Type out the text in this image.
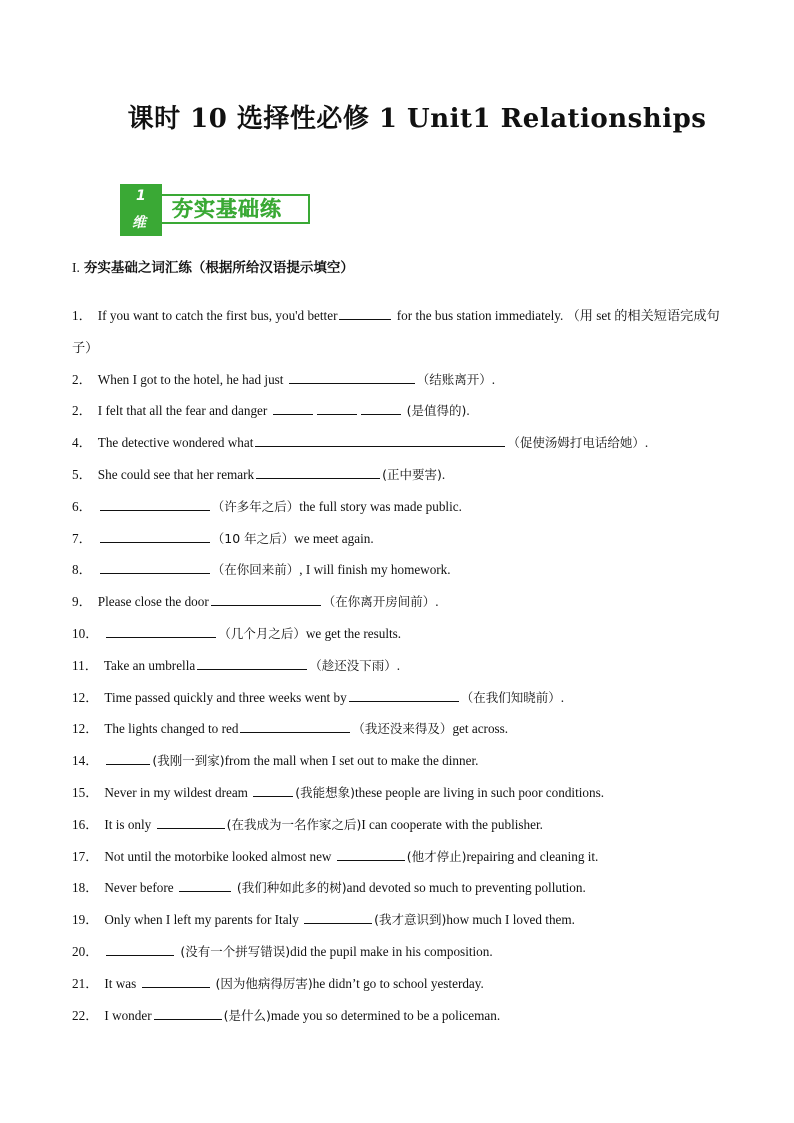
课时 10 选择性必修 1 Unit1 Relationships
1
维
夯实基础练
I. 夯实基础之词汇练（根据所给汉语提示填空）
1． If you want to catch the first bus, you'd better	for the bus station immediately. （用 set 的相关短语完成句子）
2． When I got to the hotel, he had just	（结账离开）.
2． I felt that all the fear and danger	(是值得的).
4． The detective wondered what	（促使汤姆打电话给她）.
5． She could see that her remark	(正中要害).
6．	（许多年之后）the full story was made public.
7．	（10 年之后）we meet again.
8．	（在你回来前）, I will finish my homework.
9． Please close the door	（在你离开房间前）.
10．	（几个月之后）we get the results.
11． Take an umbrella	（趁还没下雨）.
12． Time passed quickly and three weeks went by	（在我们知晓前）.
12． The lights changed to red	（我还没来得及）get across.
14．	(我刚一到家)from the mall when I set out to make the dinner.
15． Never in my wildest dream	(我能想象)these people are living in such poor conditions.
16． It is only	(在我成为一名作家之后)I can cooperate with the publisher.
17． Not until the motorbike looked almost new	(他才停止)repairing and cleaning it.
18． Never before	(我们种如此多的树)and devoted so much to preventing pollution.
19． Only when I left my parents for Italy	(我才意识到)how much I loved them.
20．	(没有一个拼写错误)did the pupil make in his composition.
21． It was	(因为他病得厉害)he didn’t go to school yesterday.
22． I wonder	(是什么)made you so determined to be a policeman.
